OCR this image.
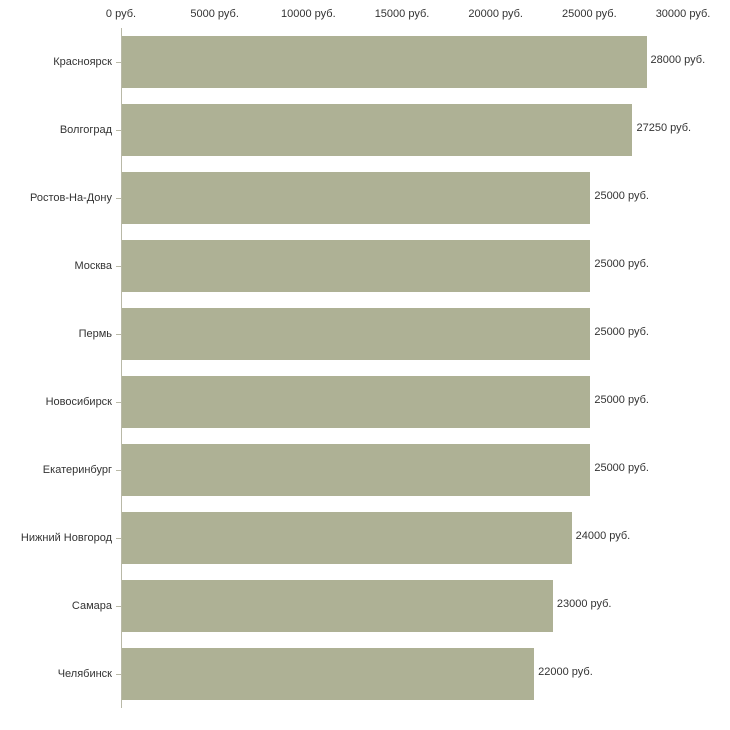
0 руб.	5000 руб.	10000 руб.	15000 руб.	20000 руб.	25000 руб.	30000 руб.
Красноярск	28000 руб.
Волгоград	27250 руб.
Ростов-На-Дону	25000 руб.
Москва	25000 руб.
Пермь	25000 руб.
Новосибирск	25000 руб.
Екатеринбург	25000 руб.
Нижний Новгород	24000 руб.
Самара	23000 руб.
Челябинск	22000 руб.
